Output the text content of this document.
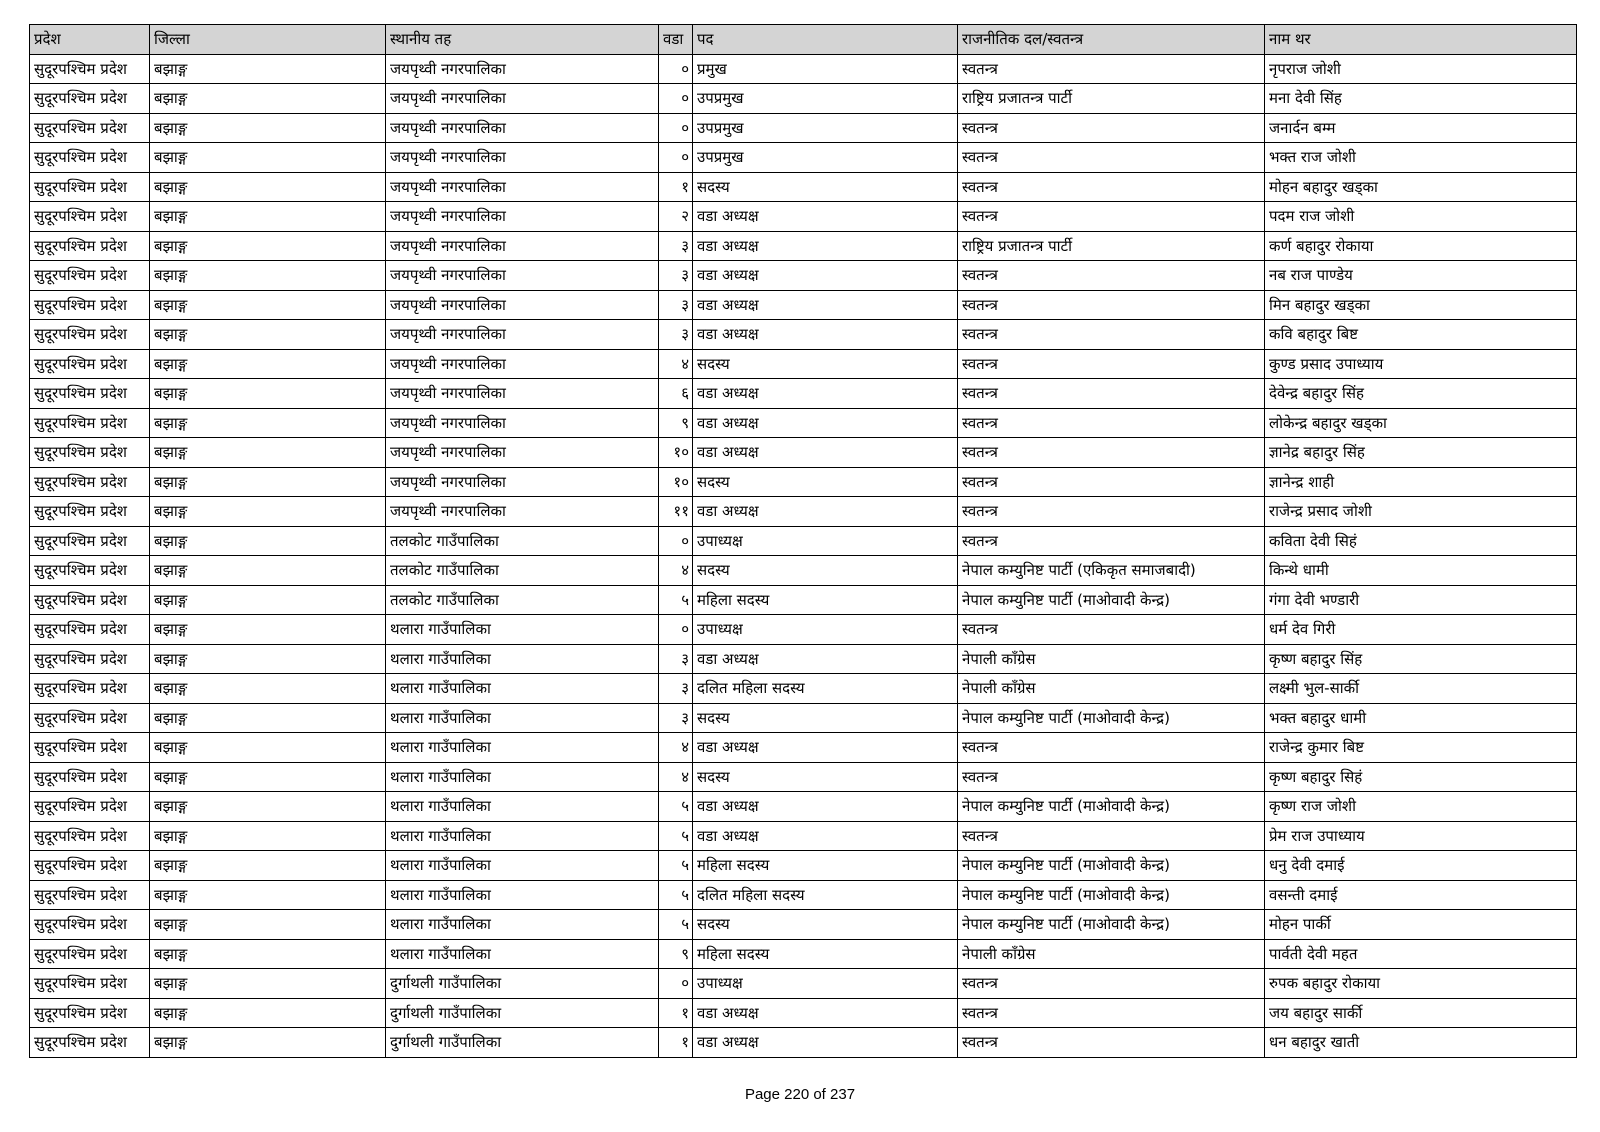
प्रदेश	जिल्ला	स्थानीय तह	वडा	पद	राजनीतिक दल/स्वतन्त्र	नाम थर
सुदूरपश्चिम प्रदेश	बझाङ्ग	जयपृथ्वी नगरपालिका	०	प्रमुख	स्वतन्त्र	नृपराज जोशी
सुदूरपश्चिम प्रदेश	बझाङ्ग	जयपृथ्वी नगरपालिका	०	उपप्रमुख	राष्ट्रिय प्रजातन्त्र पार्टी	मना देवी सिंह
सुदूरपश्चिम प्रदेश	बझाङ्ग	जयपृथ्वी नगरपालिका	०	उपप्रमुख	स्वतन्त्र	जनार्दन बम्म
सुदूरपश्चिम प्रदेश	बझाङ्ग	जयपृथ्वी नगरपालिका	०	उपप्रमुख	स्वतन्त्र	भक्त राज जोशी
सुदूरपश्चिम प्रदेश	बझाङ्ग	जयपृथ्वी नगरपालिका	१	सदस्य	स्वतन्त्र	मोहन बहादुर खड्का
सुदूरपश्चिम प्रदेश	बझाङ्ग	जयपृथ्वी नगरपालिका	२	वडा अध्यक्ष	स्वतन्त्र	पदम राज जोशी
सुदूरपश्चिम प्रदेश	बझाङ्ग	जयपृथ्वी नगरपालिका	३	वडा अध्यक्ष	राष्ट्रिय प्रजातन्त्र पार्टी	कर्ण बहादुर रोकाया
सुदूरपश्चिम प्रदेश	बझाङ्ग	जयपृथ्वी नगरपालिका	३	वडा अध्यक्ष	स्वतन्त्र	नब राज पाण्डेय
सुदूरपश्चिम प्रदेश	बझाङ्ग	जयपृथ्वी नगरपालिका	३	वडा अध्यक्ष	स्वतन्त्र	मिन बहादुर खड्का
सुदूरपश्चिम प्रदेश	बझाङ्ग	जयपृथ्वी नगरपालिका	३	वडा अध्यक्ष	स्वतन्त्र	कवि बहादुर बिष्ट
सुदूरपश्चिम प्रदेश	बझाङ्ग	जयपृथ्वी नगरपालिका	४	सदस्य	स्वतन्त्र	कुण्ड प्रसाद उपाध्याय
सुदूरपश्चिम प्रदेश	बझाङ्ग	जयपृथ्वी नगरपालिका	६	वडा अध्यक्ष	स्वतन्त्र	देवेन्द्र बहादुर सिंह
सुदूरपश्चिम प्रदेश	बझाङ्ग	जयपृथ्वी नगरपालिका	९	वडा अध्यक्ष	स्वतन्त्र	लोकेन्द्र बहादुर खड्का
सुदूरपश्चिम प्रदेश	बझाङ्ग	जयपृथ्वी नगरपालिका	१०	वडा अध्यक्ष	स्वतन्त्र	ज्ञानेद्र बहादुर सिंह
सुदूरपश्चिम प्रदेश	बझाङ्ग	जयपृथ्वी नगरपालिका	१०	सदस्य	स्वतन्त्र	ज्ञानेन्द्र शाही
सुदूरपश्चिम प्रदेश	बझाङ्ग	जयपृथ्वी नगरपालिका	११	वडा अध्यक्ष	स्वतन्त्र	राजेन्द्र प्रसाद जोशी
सुदूरपश्चिम प्रदेश	बझाङ्ग	तलकोट गाउँपालिका	०	उपाध्यक्ष	स्वतन्त्र	कविता देवी सिहं
सुदूरपश्चिम प्रदेश	बझाङ्ग	तलकोट गाउँपालिका	४	सदस्य	नेपाल कम्युनिष्ट पार्टी (एकिकृत समाजबादी)	किन्थे धामी
सुदूरपश्चिम प्रदेश	बझाङ्ग	तलकोट गाउँपालिका	५	महिला सदस्य	नेपाल कम्युनिष्ट पार्टी (माओवादी केन्द्र)	गंगा देवी भण्डारी
सुदूरपश्चिम प्रदेश	बझाङ्ग	थलारा गाउँपालिका	०	उपाध्यक्ष	स्वतन्त्र	धर्म देव गिरी
सुदूरपश्चिम प्रदेश	बझाङ्ग	थलारा गाउँपालिका	३	वडा अध्यक्ष	नेपाली काँग्रेस	कृष्ण बहादुर सिंह
सुदूरपश्चिम प्रदेश	बझाङ्ग	थलारा गाउँपालिका	३	दलित महिला सदस्य	नेपाली काँग्रेस	लक्ष्मी भुल-सार्की
सुदूरपश्चिम प्रदेश	बझाङ्ग	थलारा गाउँपालिका	३	सदस्य	नेपाल कम्युनिष्ट पार्टी (माओवादी केन्द्र)	भक्त बहादुर धामी
सुदूरपश्चिम प्रदेश	बझाङ्ग	थलारा गाउँपालिका	४	वडा अध्यक्ष	स्वतन्त्र	राजेन्द्र कुमार बिष्ट
सुदूरपश्चिम प्रदेश	बझाङ्ग	थलारा गाउँपालिका	४	सदस्य	स्वतन्त्र	कृष्ण बहादुर सिहं
सुदूरपश्चिम प्रदेश	बझाङ्ग	थलारा गाउँपालिका	५	वडा अध्यक्ष	नेपाल कम्युनिष्ट पार्टी (माओवादी केन्द्र)	कृष्ण राज जोशी
सुदूरपश्चिम प्रदेश	बझाङ्ग	थलारा गाउँपालिका	५	वडा अध्यक्ष	स्वतन्त्र	प्रेम राज उपाध्याय
सुदूरपश्चिम प्रदेश	बझाङ्ग	थलारा गाउँपालिका	५	महिला सदस्य	नेपाल कम्युनिष्ट पार्टी (माओवादी केन्द्र)	धनु देवी दमाई
सुदूरपश्चिम प्रदेश	बझाङ्ग	थलारा गाउँपालिका	५	दलित महिला सदस्य	नेपाल कम्युनिष्ट पार्टी (माओवादी केन्द्र)	वसन्ती दमाई
सुदूरपश्चिम प्रदेश	बझाङ्ग	थलारा गाउँपालिका	५	सदस्य	नेपाल कम्युनिष्ट पार्टी (माओवादी केन्द्र)	मोहन पार्की
सुदूरपश्चिम प्रदेश	बझाङ्ग	थलारा गाउँपालिका	९	महिला सदस्य	नेपाली काँग्रेस	पार्वती देवी महत
सुदूरपश्चिम प्रदेश	बझाङ्ग	दुर्गाथली गाउँपालिका	०	उपाध्यक्ष	स्वतन्त्र	रुपक बहादुर रोकाया
सुदूरपश्चिम प्रदेश	बझाङ्ग	दुर्गाथली गाउँपालिका	१	वडा अध्यक्ष	स्वतन्त्र	जय बहादुर सार्की
सुदूरपश्चिम प्रदेश	बझाङ्ग	दुर्गाथली गाउँपालिका	१	वडा अध्यक्ष	स्वतन्त्र	धन बहादुर खाती
Page 220 of 237
